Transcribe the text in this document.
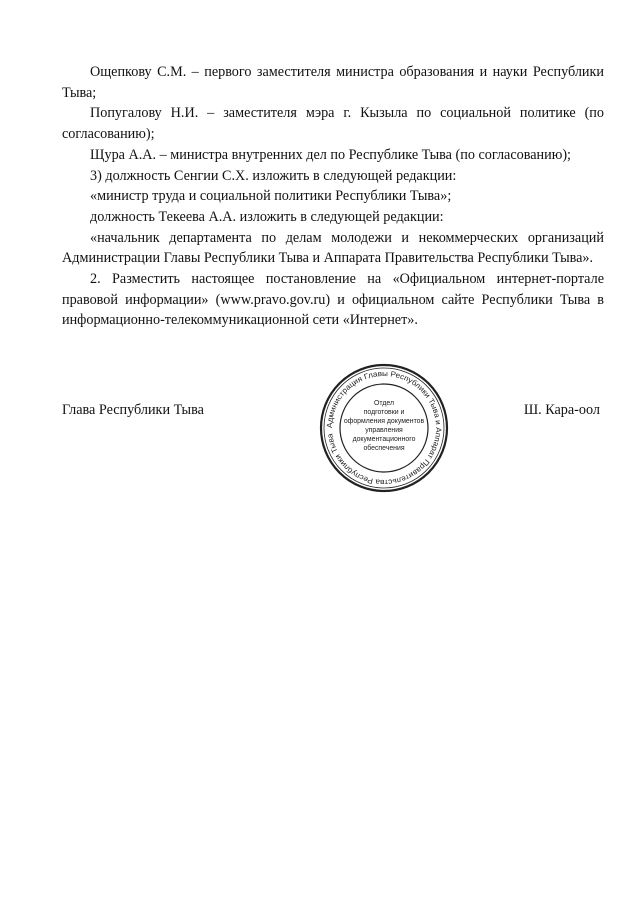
Ощепкову С.М. – первого заместителя министра образования и науки Республики Тыва;

Попугалову Н.И. – заместителя мэра г. Кызыла по социальной политике (по согласованию);

Щура А.А. – министра внутренних дел по Республике Тыва (по согласованию);

3) должность Сенгии С.Х. изложить в следующей редакции:

«министр труда и социальной политики Республики Тыва»;

должность Текеева А.А. изложить в следующей редакции:

«начальник департамента по делам молодежи и некоммерческих организаций Администрации Главы Республики Тыва и Аппарата Правительства Республики Тыва».

2. Разместить настоящее постановление на «Официальном интернет-портале правовой информации» (www.pravo.gov.ru) и официальном сайте Республики Тыва в информационно-телекоммуникационной сети «Интернет».

Глава Республики Тыва	Ш. Кара-оол
Администрация Главы Республики Тыва и Аппарат Правительства Республики Тыва
Отдел
подготовки и
оформления документов
управления
документационного
обеспечения
